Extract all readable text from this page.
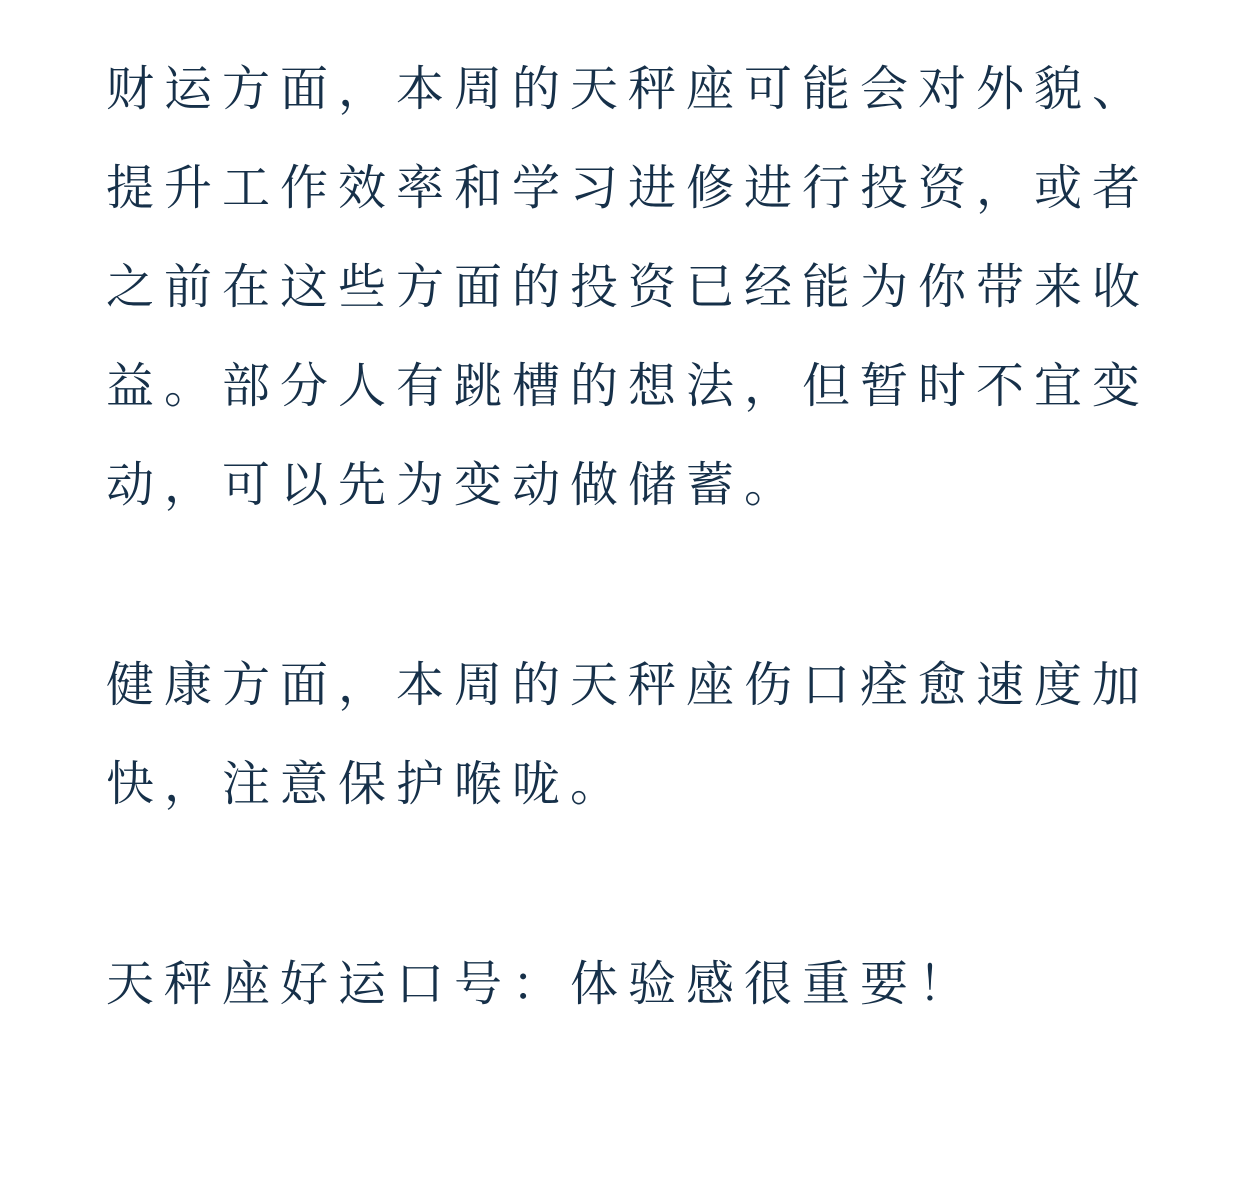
财运方面，本周的天秤座可能会对外貌、提升工作效率和学习进修进行投资，或者之前在这些方面的投资已经能为你带来收益。部分人有跳槽的想法，但暂时不宜变动，可以先为变动做储蓄。

健康方面，本周的天秤座伤口痊愈速度加快，注意保护喉咙。

天秤座好运口号：体验感很重要！
